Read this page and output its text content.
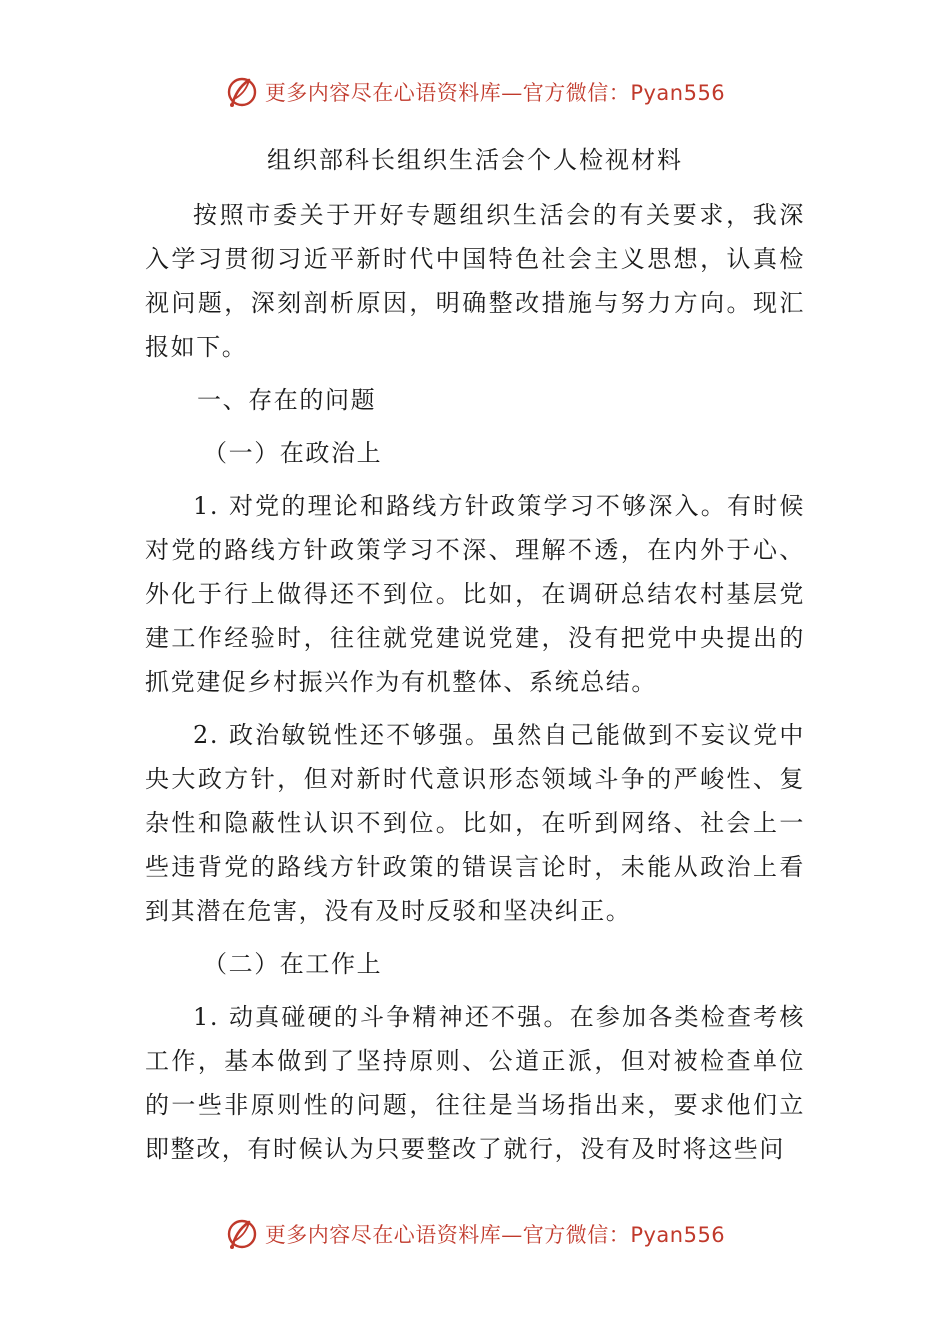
更多内容尽在心语资料库—官方微信：Pyan556
组织部科长组织生活会个人检视材料

按照市委关于开好专题组织生活会的有关要求，我深入学习贯彻习近平新时代中国特色社会主义思想，认真检视问题，深刻剖析原因，明确整改措施与努力方向。现汇报如下。

一、存在的问题

（一）在政治上

1. 对党的理论和路线方针政策学习不够深入。有时候对党的路线方针政策学习不深、理解不透，在内外于心、外化于行上做得还不到位。比如，在调研总结农村基层党建工作经验时，往往就党建说党建，没有把党中央提出的抓党建促乡村振兴作为有机整体、系统总结。

2. 政治敏锐性还不够强。虽然自己能做到不妄议党中央大政方针，但对新时代意识形态领域斗争的严峻性、复杂性和隐蔽性认识不到位。比如，在听到网络、社会上一些违背党的路线方针政策的错误言论时，未能从政治上看到其潜在危害，没有及时反驳和坚决纠正。

（二）在工作上

1. 动真碰硬的斗争精神还不强。在参加各类检查考核工作，基本做到了坚持原则、公道正派，但对被检查单位的一些非原则性的问题，往往是当场指出来，要求他们立即整改，有时候认为只要整改了就行，没有及时将这些问

更多内容尽在心语资料库—官方微信：Pyan556
